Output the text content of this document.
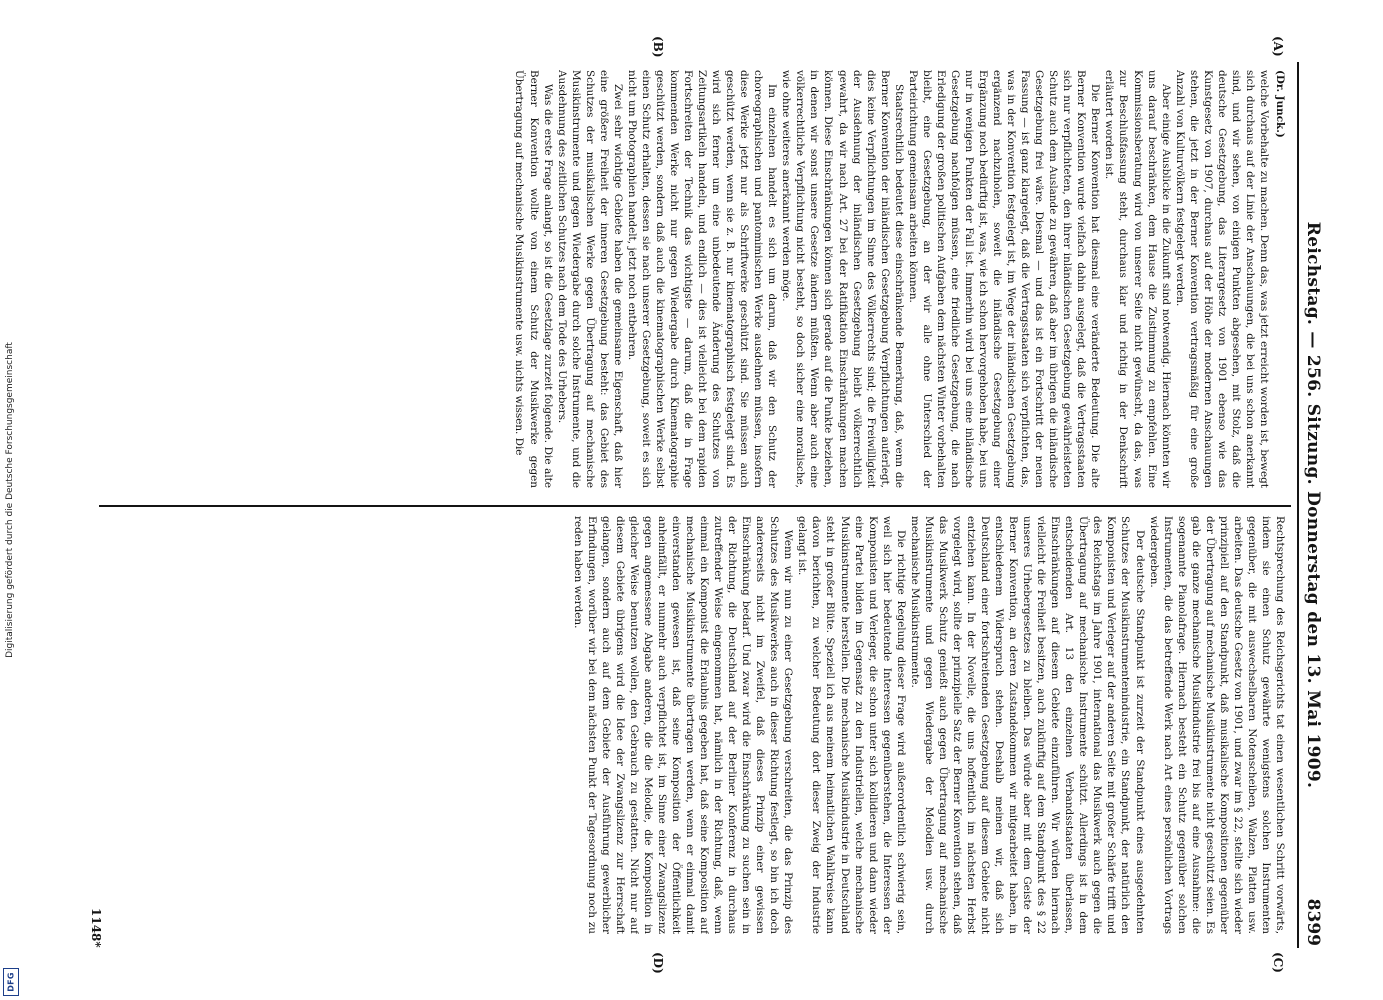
Digitalisierung gefördert durch die Deutsche Forschungsgemeinschaft
DFG
Reichstag. — 256. Sitzung. Donnerstag den 13. Mai 1909.
8399
(A)
(B)
(C)
(D)
(Dr. Junck.)

welche Vorbehalte zu machen. Denn das, was jetzt erreicht worden ist, bewegt sich durchaus auf der Linie der Anschauungen, die bei uns schon anerkannt sind, und wir sehen, von einigen Punkten abgesehen, mit Stolz, daß die deutsche Gesetzgebung, das Literargesetz von 1901 ebenso wie das Kunstgesetz von 1907, durchaus auf der Höhe der modernen Anschauungen stehen, die jetzt in der Berner Konvention vertragsmäßig für eine große Anzahl von Kulturvölkern festgelegt werden.

Aber einige Ausblicke in die Zukunft sind notwendig. Hiernach könnten wir uns darauf beschränken, dem Hause die Zustimmung zu empfehlen. Eine Kommissionsberatung wird von unserer Seite nicht gewünscht, da das, was zur Beschlußfassung steht, durchaus klar und richtig in der Denkschrift erläutert worden ist.

Die Berner Konvention hat diesmal eine veränderte Bedeutung. Die alte Berner Konvention wurde vielfach dahin ausgelegt, daß die Vertragsstaaten sich nur verpflichteten, den ihrer inländischen Gesetzgebung gewährleisteten Schutz auch dem Auslande zu gewähren, daß aber im übrigen die inländische Gesetzgebung frei wäre. Diesmal — und das ist ein Fortschritt der neuen Fassung — ist ganz klargelegt, daß die Vertragsstaaten sich verpflichten, das, was in der Konvention festgelegt ist, im Wege der inländischen Gesetzgebung ergänzend nachzuholen, soweit die inländische Gesetzgebung einer Ergänzung noch bedürftig ist, was, wie ich schon hervorgehoben habe, bei uns nur in wenigen Punkten der Fall ist. Immerhin wird bei uns eine inländische Gesetzgebung nachfolgen müssen, eine friedliche Gesetzgebung, die nach Erledigung der großen politischen Aufgaben dem nächsten Winter vorbehalten bleibt, eine Gesetzgebung, an der wir alle ohne Unterschied der Parteirichtung gemeinsam arbeiten können.

Staatsrechtlich bedeutet diese einschränkende Bemerkung, daß, wenn die Berner Konvention der inländischen Gesetzgebung Verpflichtungen auferlegt, dies keine Verpflichtungen im Sinne des Völkerrechts sind; die Freiwilligkeit der Ausdehnung der inländischen Gesetzgebung bleibt völkerrechtlich gewahrt, da wir nach Art. 27 bei der Ratifikation Einschränkungen machen können. Diese Einschränkungen können sich gerade auf die Punkte beziehen, in denen wir sonst unsere Gesetze ändern müßten. Wenn aber auch eine völkerrechtliche Verpflichtung nicht besteht, so doch sicher eine moralische, wie ohne weiteres anerkannt werden möge.

Im einzelnen handelt es sich um darum, daß wir den Schutz der choreographischen und pantomimischen Werke ausdehnen müssen, insofern diese Werke jetzt nur als Schriftwerke geschützt sind. Sie müssen auch geschützt werden, wenn sie z. B. nur kinematographisch festgelegt sind. Es wird sich ferner um eine unbedeutende Änderung des Schutzes von Zeitungsartikeln handeln, und endlich — dies ist vielleicht bei dem rapiden Fortschreiten der Technik das wichtigste — darum, daß die in Frage kommenden Werke nicht nur gegen Wiedergabe durch Kinematographie geschützt werden, sondern daß auch die kinematographischen Werke selbst einen Schutz erhalten, dessen sie nach unserer Gesetzgebung, soweit es sich nicht um Photographien handelt, jetzt noch entbehren.

Zwei sehr wichtige Gebiete haben die gemeinsame Eigenschaft, daß hier eine größere Freiheit der inneren Gesetzgebung besteht: das Gebiet des Schutzes der musikalischen Werke gegen Übertragung auf mechanische Musikinstrumente und gegen Wiedergabe durch solche Instrumente, und die Ausdehnung des zeitlichen Schutzes nach dem Tode des Urhebers.

Was die erste Frage anlangt, so ist die Gesetzlage zurzeit folgende. Die alte Berner Konvention wollte von einem Schutz der Musikwerke gegen Übertragung auf mechanische Musikinstrumente usw. nichts wissen. Die

Rechtsprechung des Reichsgerichts tat einen wesentlichen Schritt vorwärts, indem sie einen Schutz gewährte wenigstens solchen Instrumenten gegenüber, die mit auswechselbaren Notenscheiben, Walzen, Platten usw. arbeiten. Das deutsche Gesetz von 1901, und zwar im § 22, stellte sich wieder prinzipiell auf den Standpunkt, daß musikalische Kompositionen gegenüber der Übertragung auf mechanische Musikinstrumente nicht geschützt seien. Es gab die ganze mechanische Musikindustrie frei bis auf eine Ausnahme: die sogenannte Pianolafrage. Hiernach besteht ein Schutz gegenüber solchen Instrumenten, die das betreffende Werk nach Art eines persönlichen Vortrags wiedergeben.

Der deutsche Standpunkt ist zurzeit der Standpunkt eines ausgedehnten Schutzes der Musikinstrumentenindustrie, ein Standpunkt, der natürlich den Komponisten und Verleger auf der anderen Seite mit großer Schärfe trifft und des Reichstags im Jahre 1901, international das Musikwerk auch gegen die Übertragung auf mechanische Instrumente schützt. Allerdings ist in dem entscheidenden Art. 13 den einzelnen Verbandsstaaten überlassen, Einschränkungen auf diesem Gebiete einzuführen. Wir würden hiernach vielleicht die Freiheit besitzen, auch zukünftig auf dem Standpunkt des § 22 unseres Urhebergesetzes zu bleiben. Das würde aber mit dem Geiste der Berner Konvention, an deren Zustandekommen wir mitgearbeitet haben, in entschiedenem Widerspruch stehen. Deshalb meinen wir, daß sich Deutschland einer fortschreitenden Gesetzgebung auf diesem Gebiete nicht entziehen kann. In der Novelle, die uns hoffentlich im nächsten Herbst vorgelegt wird, sollte der prinzipielle Satz der Berner Konvention stehen, daß das Musikwerk Schutz genießt auch gegen Übertragung auf mechanische Musikinstrumente und gegen Wiedergabe der Melodien usw. durch mechanische Musikinstrumente.

Die richtige Regelung dieser Frage wird außerordentlich schwierig sein, weil sich hier bedeutende Interessen gegenüberstehen, die Interessen der Komponisten und Verleger, die schon unter sich kollidieren und dann wieder eine Partei bilden im Gegensatz zu den Industriellen, welche mechanische Musikinstrumente herstellen. Die mechanische Musikindustrie in Deutschland steht in großer Blüte. Speziell ich aus meinem heimatlichen Wahlkreise kann davon berichten, zu welcher Bedeutung dort dieser Zweig der Industrie gelangt ist.

Wenn wir nun zu einer Gesetzgebung verschreiten, die das Prinzip des Schutzes des Musikwerkes auch in dieser Richtung festlegt, so bin ich doch andererseits nicht im Zweifel, daß dieses Prinzip einer gewissen Einschränkung bedarf. Und zwar wird die Einschränkung zu suchen sein in der Richtung, die Deutschland auf der Berliner Konferenz in durchaus zutreffender Weise eingenommen hat, nämlich in der Richtung, daß, wenn einmal ein Komponist die Erlaubnis gegeben hat, daß seine Komposition auf mechanische Musikinstrumente übertragen werden, wenn er einmal damit einverstanden gewesen ist, daß seine Komposition der Öffentlichkeit anheimfällt, er nunmehr auch verpflichtet ist, im Sinne einer Zwangslizenz gegen angemessene Abgabe anderen, die die Melodie, die Komposition in gleicher Weise benutzen wollen, den Gebrauch zu gestatten. Nicht nur auf diesem Gebiete übrigens wird die Idee der Zwangslizenz zur Herrschaft gelangen, sondern auch auf dem Gebiete der Ausführung gewerblicher Erfindungen, worüber wir bei dem nächsten Punkt der Tagesordnung noch zu reden haben werden.

1148*
